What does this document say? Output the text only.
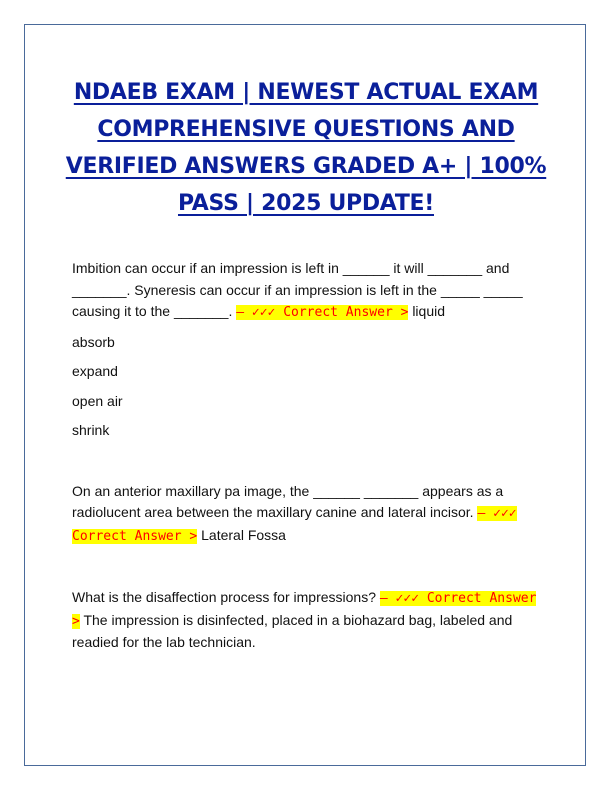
NDAEB EXAM | NEWEST ACTUAL EXAM COMPREHENSIVE QUESTIONS AND VERIFIED ANSWERS GRADED A+ | 100% PASS | 2025 UPDATE!

Imbition can occur if an impression is left in ______ it will _______ and _______. Syneresis can occur if an impression is left in the _____ _____ causing it to the _______. – ✓✓✓ Correct Answer > liquid

absorb

expand

open air

shrink

On an anterior maxillary pa image, the ______ _______ appears as a radiolucent area between the maxillary canine and lateral incisor. – ✓✓✓ Correct Answer > Lateral Fossa

What is the disaffection process for impressions? – ✓✓✓ Correct Answer > The impression is disinfected, placed in a biohazard bag, labeled and readied for the lab technician.
